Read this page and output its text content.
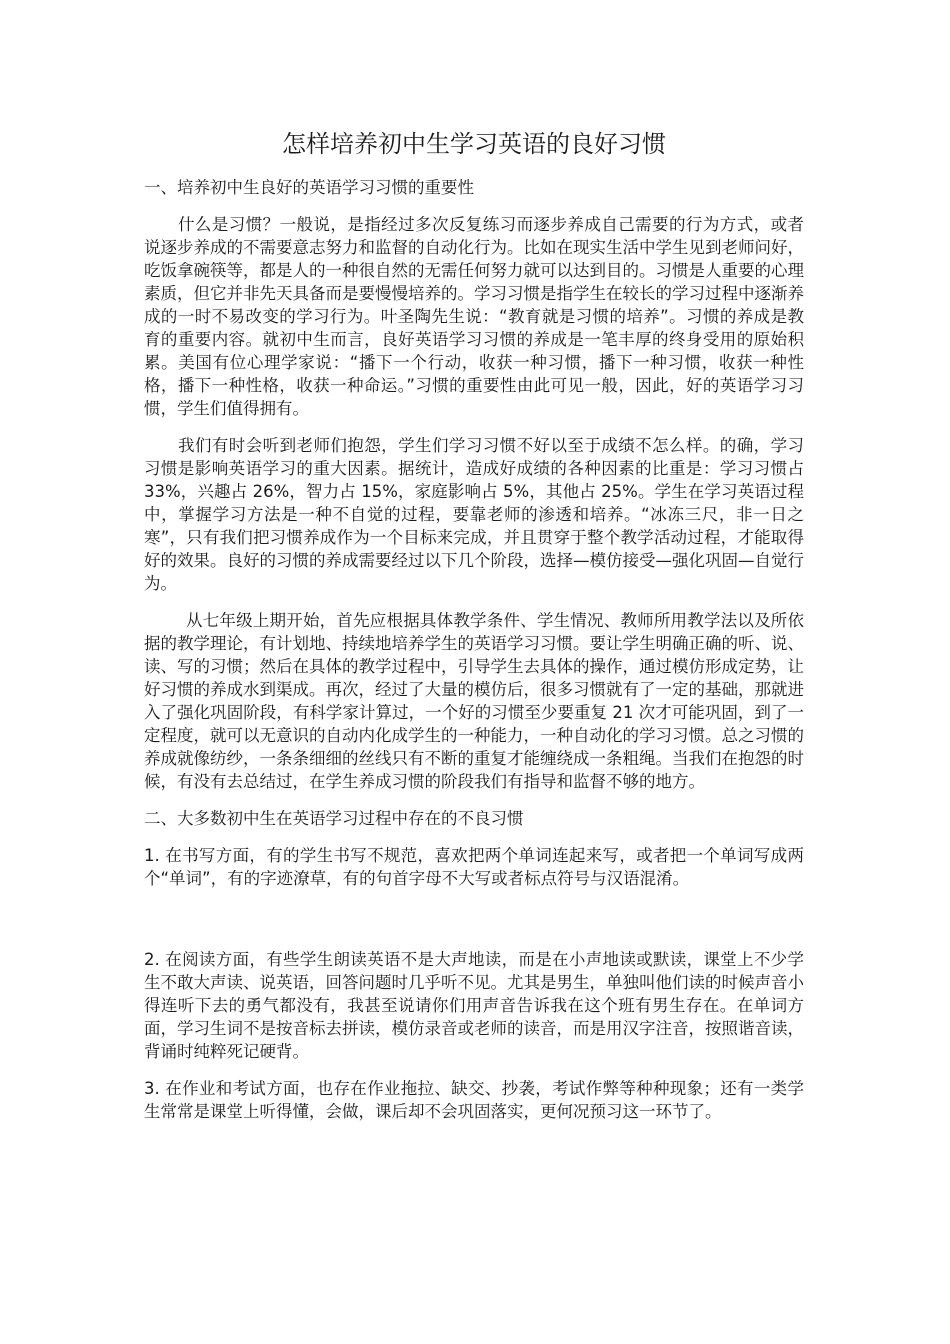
怎样培养初中生学习英语的良好习惯

一、培养初中生良好的英语学习习惯的重要性

什么是习惯？一般说，是指经过多次反复练习而逐步养成自己需要的行为方式，或者说逐步养成的不需要意志努力和监督的自动化行为。比如在现实生活中学生见到老师问好，吃饭拿碗筷等，都是人的一种很自然的无需任何努力就可以达到目的。习惯是人重要的心理素质，但它并非先天具备而是要慢慢培养的。学习习惯是指学生在较长的学习过程中逐渐养成的一时不易改变的学习行为。叶圣陶先生说：“教育就是习惯的培养”。习惯的养成是教育的重要内容。就初中生而言，良好英语学习习惯的养成是一笔丰厚的终身受用的原始积累。美国有位心理学家说：“播下一个行动，收获一种习惯，播下一种习惯，收获一种性格，播下一种性格，收获一种命运。”习惯的重要性由此可见一般，因此，好的英语学习习惯，学生们值得拥有。

我们有时会听到老师们抱怨，学生们学习习惯不好以至于成绩不怎么样。的确，学习习惯是影响英语学习的重大因素。据统计，造成好成绩的各种因素的比重是：学习习惯占 33%，兴趣占 26%，智力占 15%，家庭影响占 5%，其他占 25%。学生在学习英语过程中，掌握学习方法是一种不自觉的过程，要靠老师的渗透和培养。“冰冻三尺，非一日之寒”，只有我们把习惯养成作为一个目标来完成，并且贯穿于整个教学活动过程，才能取得好的效果。良好的习惯的养成需要经过以下几个阶段，选择—模仿接受—强化巩固—自觉行为。

从七年级上期开始，首先应根据具体教学条件、学生情况、教师所用教学法以及所依据的教学理论，有计划地、持续地培养学生的英语学习习惯。要让学生明确正确的听、说、读、写的习惯；然后在具体的教学过程中，引导学生去具体的操作，通过模仿形成定势，让好习惯的养成水到渠成。再次，经过了大量的模仿后，很多习惯就有了一定的基础，那就进入了强化巩固阶段，有科学家计算过，一个好的习惯至少要重复 21 次才可能巩固，到了一定程度，就可以无意识的自动内化成学生的一种能力，一种自动化的学习习惯。总之习惯的养成就像纺纱，一条条细细的丝线只有不断的重复才能缠绕成一条粗绳。当我们在抱怨的时候，有没有去总结过，在学生养成习惯的阶段我们有指导和监督不够的地方。

二、大多数初中生在英语学习过程中存在的不良习惯

1. 在书写方面，有的学生书写不规范，喜欢把两个单词连起来写，或者把一个单词写成两个“单词”，有的字迹潦草，有的句首字母不大写或者标点符号与汉语混淆。

2. 在阅读方面，有些学生朗读英语不是大声地读，而是在小声地读或默读，课堂上不少学生不敢大声读、说英语，回答问题时几乎听不见。尤其是男生，单独叫他们读的时候声音小得连听下去的勇气都没有，我甚至说请你们用声音告诉我在这个班有男生存在。在单词方面，学习生词不是按音标去拼读，模仿录音或老师的读音，而是用汉字注音，按照谐音读，背诵时纯粹死记硬背。

3. 在作业和考试方面，也存在作业拖拉、缺交、抄袭，考试作弊等种种现象；还有一类学生常常是课堂上听得懂，会做，课后却不会巩固落实，更何况预习这一环节了。
